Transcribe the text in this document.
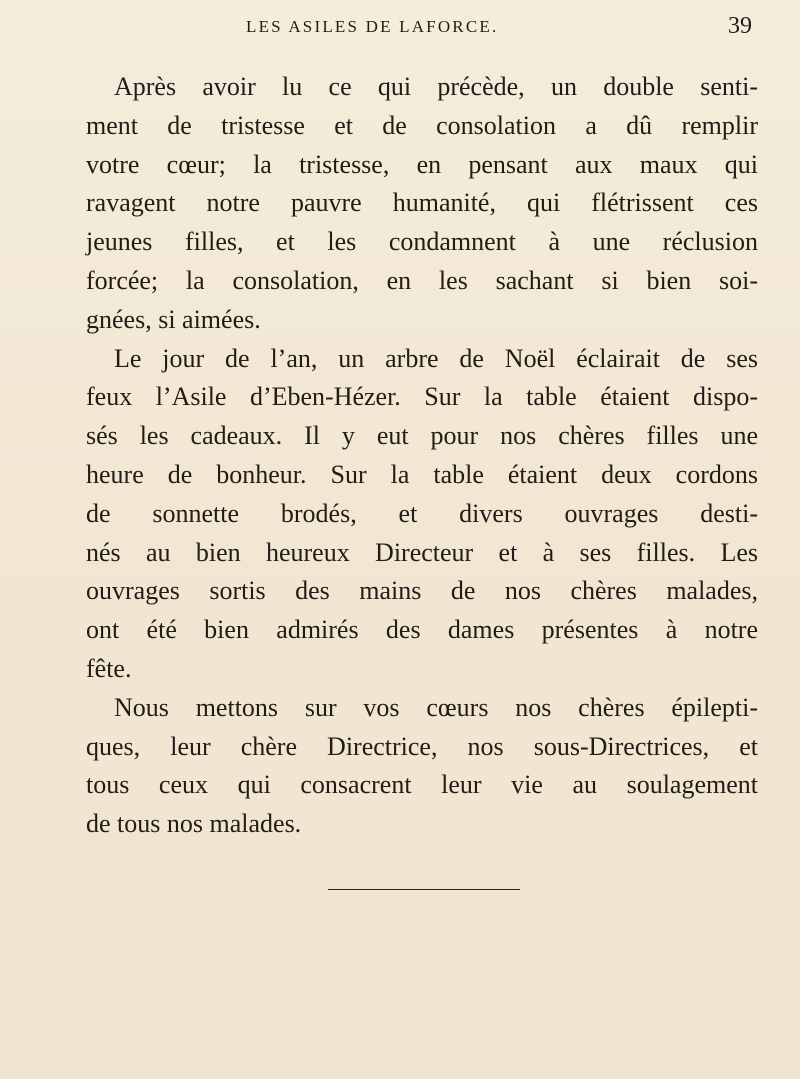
LES ASILES DE LAFORCE.	39

Après avoir lu ce qui précède, un double senti-
ment de tristesse et de consolation a dû remplir
votre cœur; la tristesse, en pensant aux maux qui
ravagent notre pauvre humanité, qui flétrissent ces
jeunes filles, et les condamnent à une réclusion
forcée; la consolation, en les sachant si bien soi-
gnées, si aimées.

Le jour de l’an, un arbre de Noël éclairait de ses
feux l’Asile d’Eben-Hézer. Sur la table étaient dispo-
sés les cadeaux. Il y eut pour nos chères filles une
heure de bonheur. Sur la table étaient deux cordons
de sonnette brodés, et divers ouvrages desti-
nés au bien heureux Directeur et à ses filles. Les
ouvrages sortis des mains de nos chères malades,
ont été bien admirés des dames présentes à notre
fête.

Nous mettons sur vos cœurs nos chères épilepti-
ques, leur chère Directrice, nos sous-Directrices, et
tous ceux qui consacrent leur vie au soulagement
de tous nos malades.
